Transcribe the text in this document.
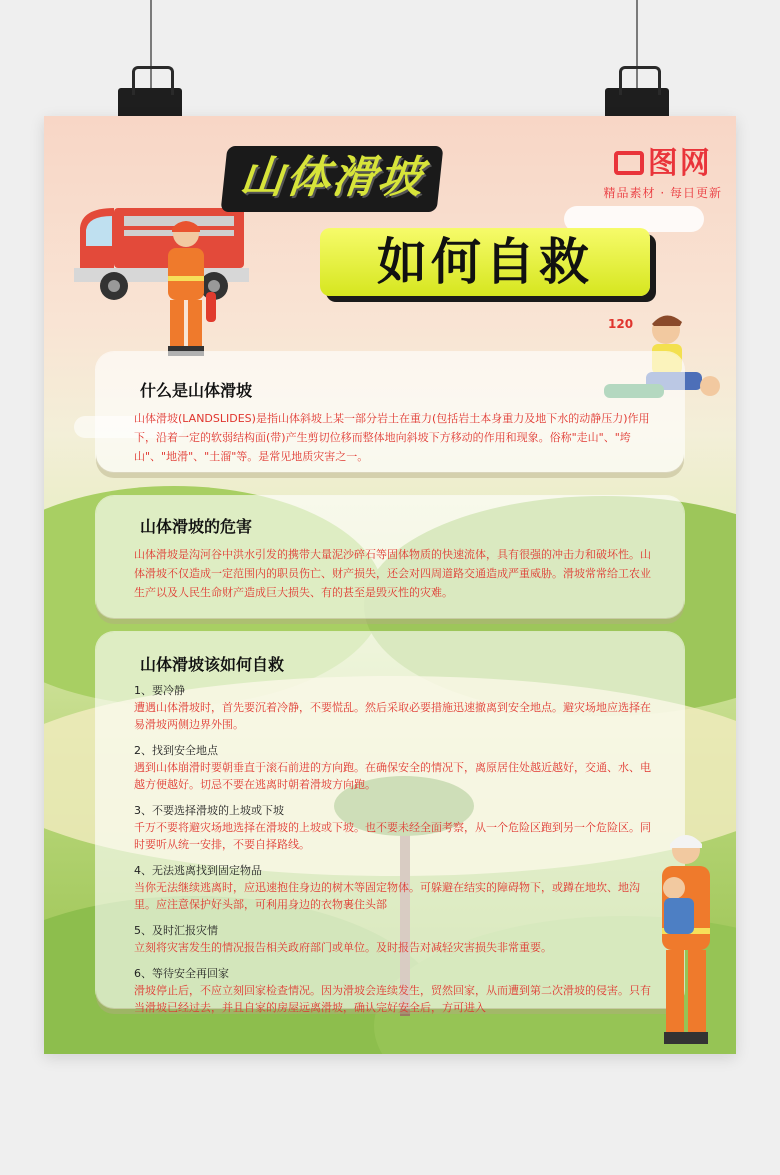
图网
精品素材 · 每日更新
山体滑坡
如何自救
120
什么是山体滑坡

山体滑坡(LANDSLIDES)是指山体斜坡上某一部分岩土在重力(包括岩土本身重力及地下水的动静压力)作用下，沿着一定的软弱结构面(带)产生剪切位移而整体地向斜坡下方移动的作用和现象。俗称"走山"、"垮山"、"地滑"、"土溜"等。是常见地质灾害之一。

山体滑坡的危害

山体滑坡是沟河谷中洪水引发的携带大量泥沙碎石等固体物质的快速流体，具有很强的冲击力和破坏性。山体滑坡不仅造成一定范围内的职员伤亡、财产损失，还会对四周道路交通造成严重威胁。滑坡常常给工农业生产以及人民生命财产造成巨大损失、有的甚至是毁灭性的灾难。

山体滑坡该如何自救
1、要冷静
遭遇山体滑坡时，首先要沉着冷静，不要慌乱。然后采取必要措施迅速撤离到安全地点。避灾场地应选择在易滑坡两侧边界外围。
2、找到安全地点
遇到山体崩滑时要朝垂直于滚石前进的方向跑。在确保安全的情况下，离原居住处越近越好，交通、水、电越方便越好。切忌不要在逃离时朝着滑坡方向跑。
3、不要选择滑坡的上坡或下坡
千万不要将避灾场地选择在滑坡的上坡或下坡。也不要未经全面考察，从一个危险区跑到另一个危险区。同时要听从统一安排，不要自择路线。
4、无法逃离找到固定物品
当你无法继续逃离时，应迅速抱住身边的树木等固定物体。可躲避在结实的障碍物下，或蹲在地坎、地沟里。应注意保护好头部，可利用身边的衣物裹住头部
5、及时汇报灾情
立刻将灾害发生的情况报告相关政府部门或单位。及时报告对减轻灾害损失非常重要。
6、等待安全再回家
滑坡停止后，不应立刻回家检查情况。因为滑坡会连续发生，贸然回家，从而遭到第二次滑坡的侵害。只有当滑坡已经过去，并且自家的房屋远离滑坡，确认完好安全后，方可进入
